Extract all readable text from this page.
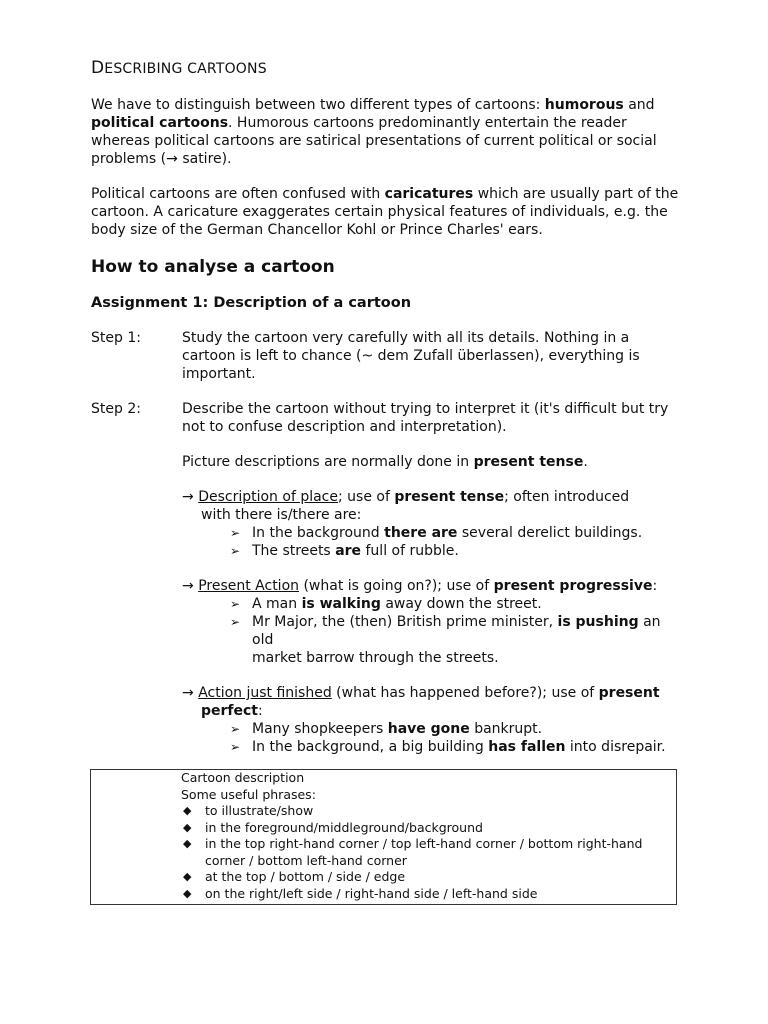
DESCRIBING CARTOONS

We have to distinguish between two different types of cartoons: humorous and political cartoons. Humorous cartoons predominantly entertain the reader whereas political cartoons are satirical presentations of current political or social problems (→ satire).

Political cartoons are often confused with caricatures which are usually part of the cartoon. A caricature exaggerates certain physical features of individuals, e.g. the body size of the German Chancellor Kohl or Prince Charles' ears.

How to analyse a cartoon
Assignment 1: Description of a cartoon
Step 1:	Study the cartoon very carefully with all its details. Nothing in a cartoon is left to chance (~ dem Zufall überlassen), everything is important.

Step 2:	Describe the cartoon without trying to interpret it (it's difficult but try not to confuse description and interpretation).

Picture descriptions are normally done in present tense.

→ Description of place; use of present tense; often introduced
with there is/there are:
➢ In the background there are several derelict buildings.
➢ The streets are full of rubble.
→ Present Action (what is going on?); use of present progressive:
➢ A man is walking away down the street.
➢ Mr Major, the (then) British prime minister, is pushing an old
market barrow through the streets.
→ Action just finished (what has happened before?); use of present
perfect:
➢ Many shopkeepers have gone bankrupt.
➢ In the background, a big building has fallen into disrepair.

Cartoon description

Some useful phrases:

◆ to illustrate/show
◆ in the foreground/middleground/background
◆ in the top right-hand corner / top left-hand corner / bottom right-hand
corner / bottom left-hand corner
◆ at the top / bottom / side / edge
◆ on the right/left side / right-hand side / left-hand side
